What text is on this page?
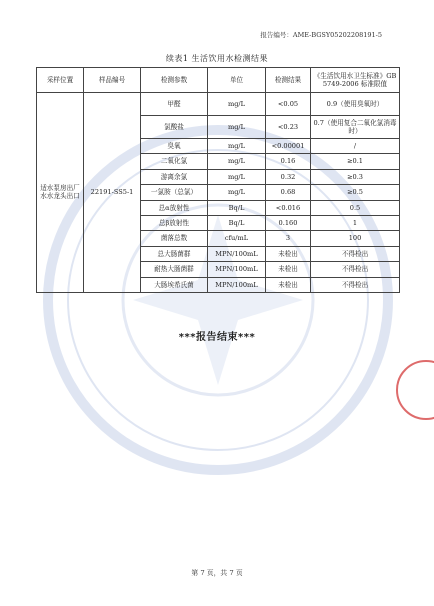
报告编号：AME-BGSY05202208191-5
续表1 生活饮用水检测结果
采样位置	样品编号	检测参数	单位	检测结果	《生活饮用水卫生标准》GB 5749-2006 标准限值
适水泵房出厂水水龙头出口	22191-SS5-1	甲醛	mg/L	<0.05	0.9（使用臭氧时）
		氯酸盐	mg/L	<0.23	0.7（使用复合二氧化氯消毒时）
		臭氧	mg/L	<0.00001	/
		二氧化氯	mg/L	0.16	≥0.1
		游离余氯	mg/L	0.32	≥0.3
		一氯胺（总氯）	mg/L	0.68	≥0.5
		总α放射性	Bq/L	<0.016	0.5
		总β放射性	Bq/L	0.160	1
		菌落总数	cfu/mL	3	100
		总大肠菌群	MPN/100mL	未检出	不得检出
		耐热大肠菌群	MPN/100mL	未检出	不得检出
		大肠埃希氏菌	MPN/100mL	未检出	不得检出
***报告结束***
第 7 页，共 7 页
